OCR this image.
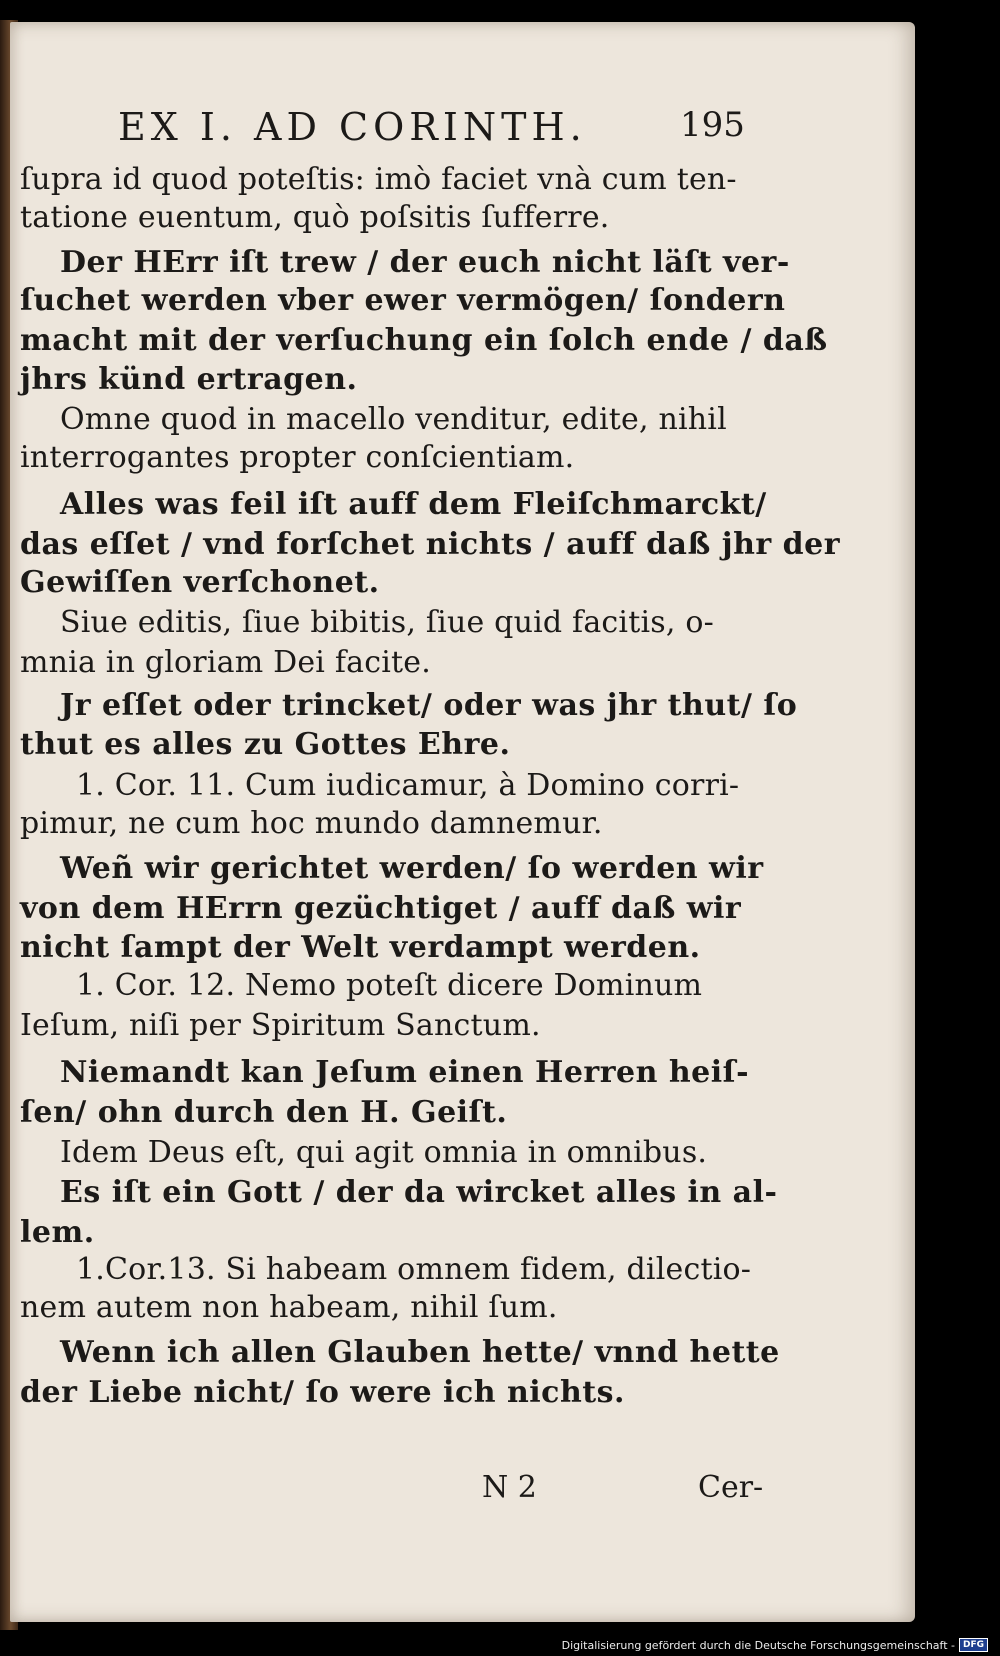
EX I. AD CORINTH.	195
ſupra id quod poteſtis: imò faciet vnà cum ten-
tatione euentum, quò poſsitis ſufferre.
Der HErr iſt trew / der euch nicht läſt ver-
ſuchet werden vber ewer vermögen/ ſondern
macht mit der verſuchung ein ſolch ende / daß
jhrs künd ertragen.
Omne quod in macello venditur, edite, nihil
interrogantes propter conſcientiam.
Alles was feil iſt auff dem Fleiſchmarckt/
das eſſet / vnd forſchet nichts / auff daß jhr der
Gewiſſen verſchonet.
Siue editis, ſiue bibitis, ſiue quid facitis, o-
mnia in gloriam Dei facite.
Jr eſſet oder trincket/ oder was jhr thut/ ſo
thut es alles zu Gottes Ehre.
1. Cor. 11. Cum iudicamur, à Domino corri-
pimur, ne cum hoc mundo damnemur.
Weñ wir gerichtet werden/ ſo werden wir
von dem HErrn gezüchtiget / auff daß wir
nicht ſampt der Welt verdampt werden.
1. Cor. 12. Nemo poteſt dicere Dominum
Ieſum, niſi per Spiritum Sanctum.
Niemandt kan Jeſum einen Herren heiſ-
ſen/ ohn durch den H. Geiſt.
Idem Deus eſt, qui agit omnia in omnibus.
Es iſt ein Gott / der da wircket alles in al-
lem.
1.Cor.13. Si habeam omnem fidem, dilectio-
nem autem non habeam, nihil ſum.
Wenn ich allen Glauben hette/ vnnd hette
der Liebe nicht/ ſo were ich nichts.
N 2	Cer-
Digitalisierung gefördert durch die Deutsche Forschungsgemeinschaft - DFG
